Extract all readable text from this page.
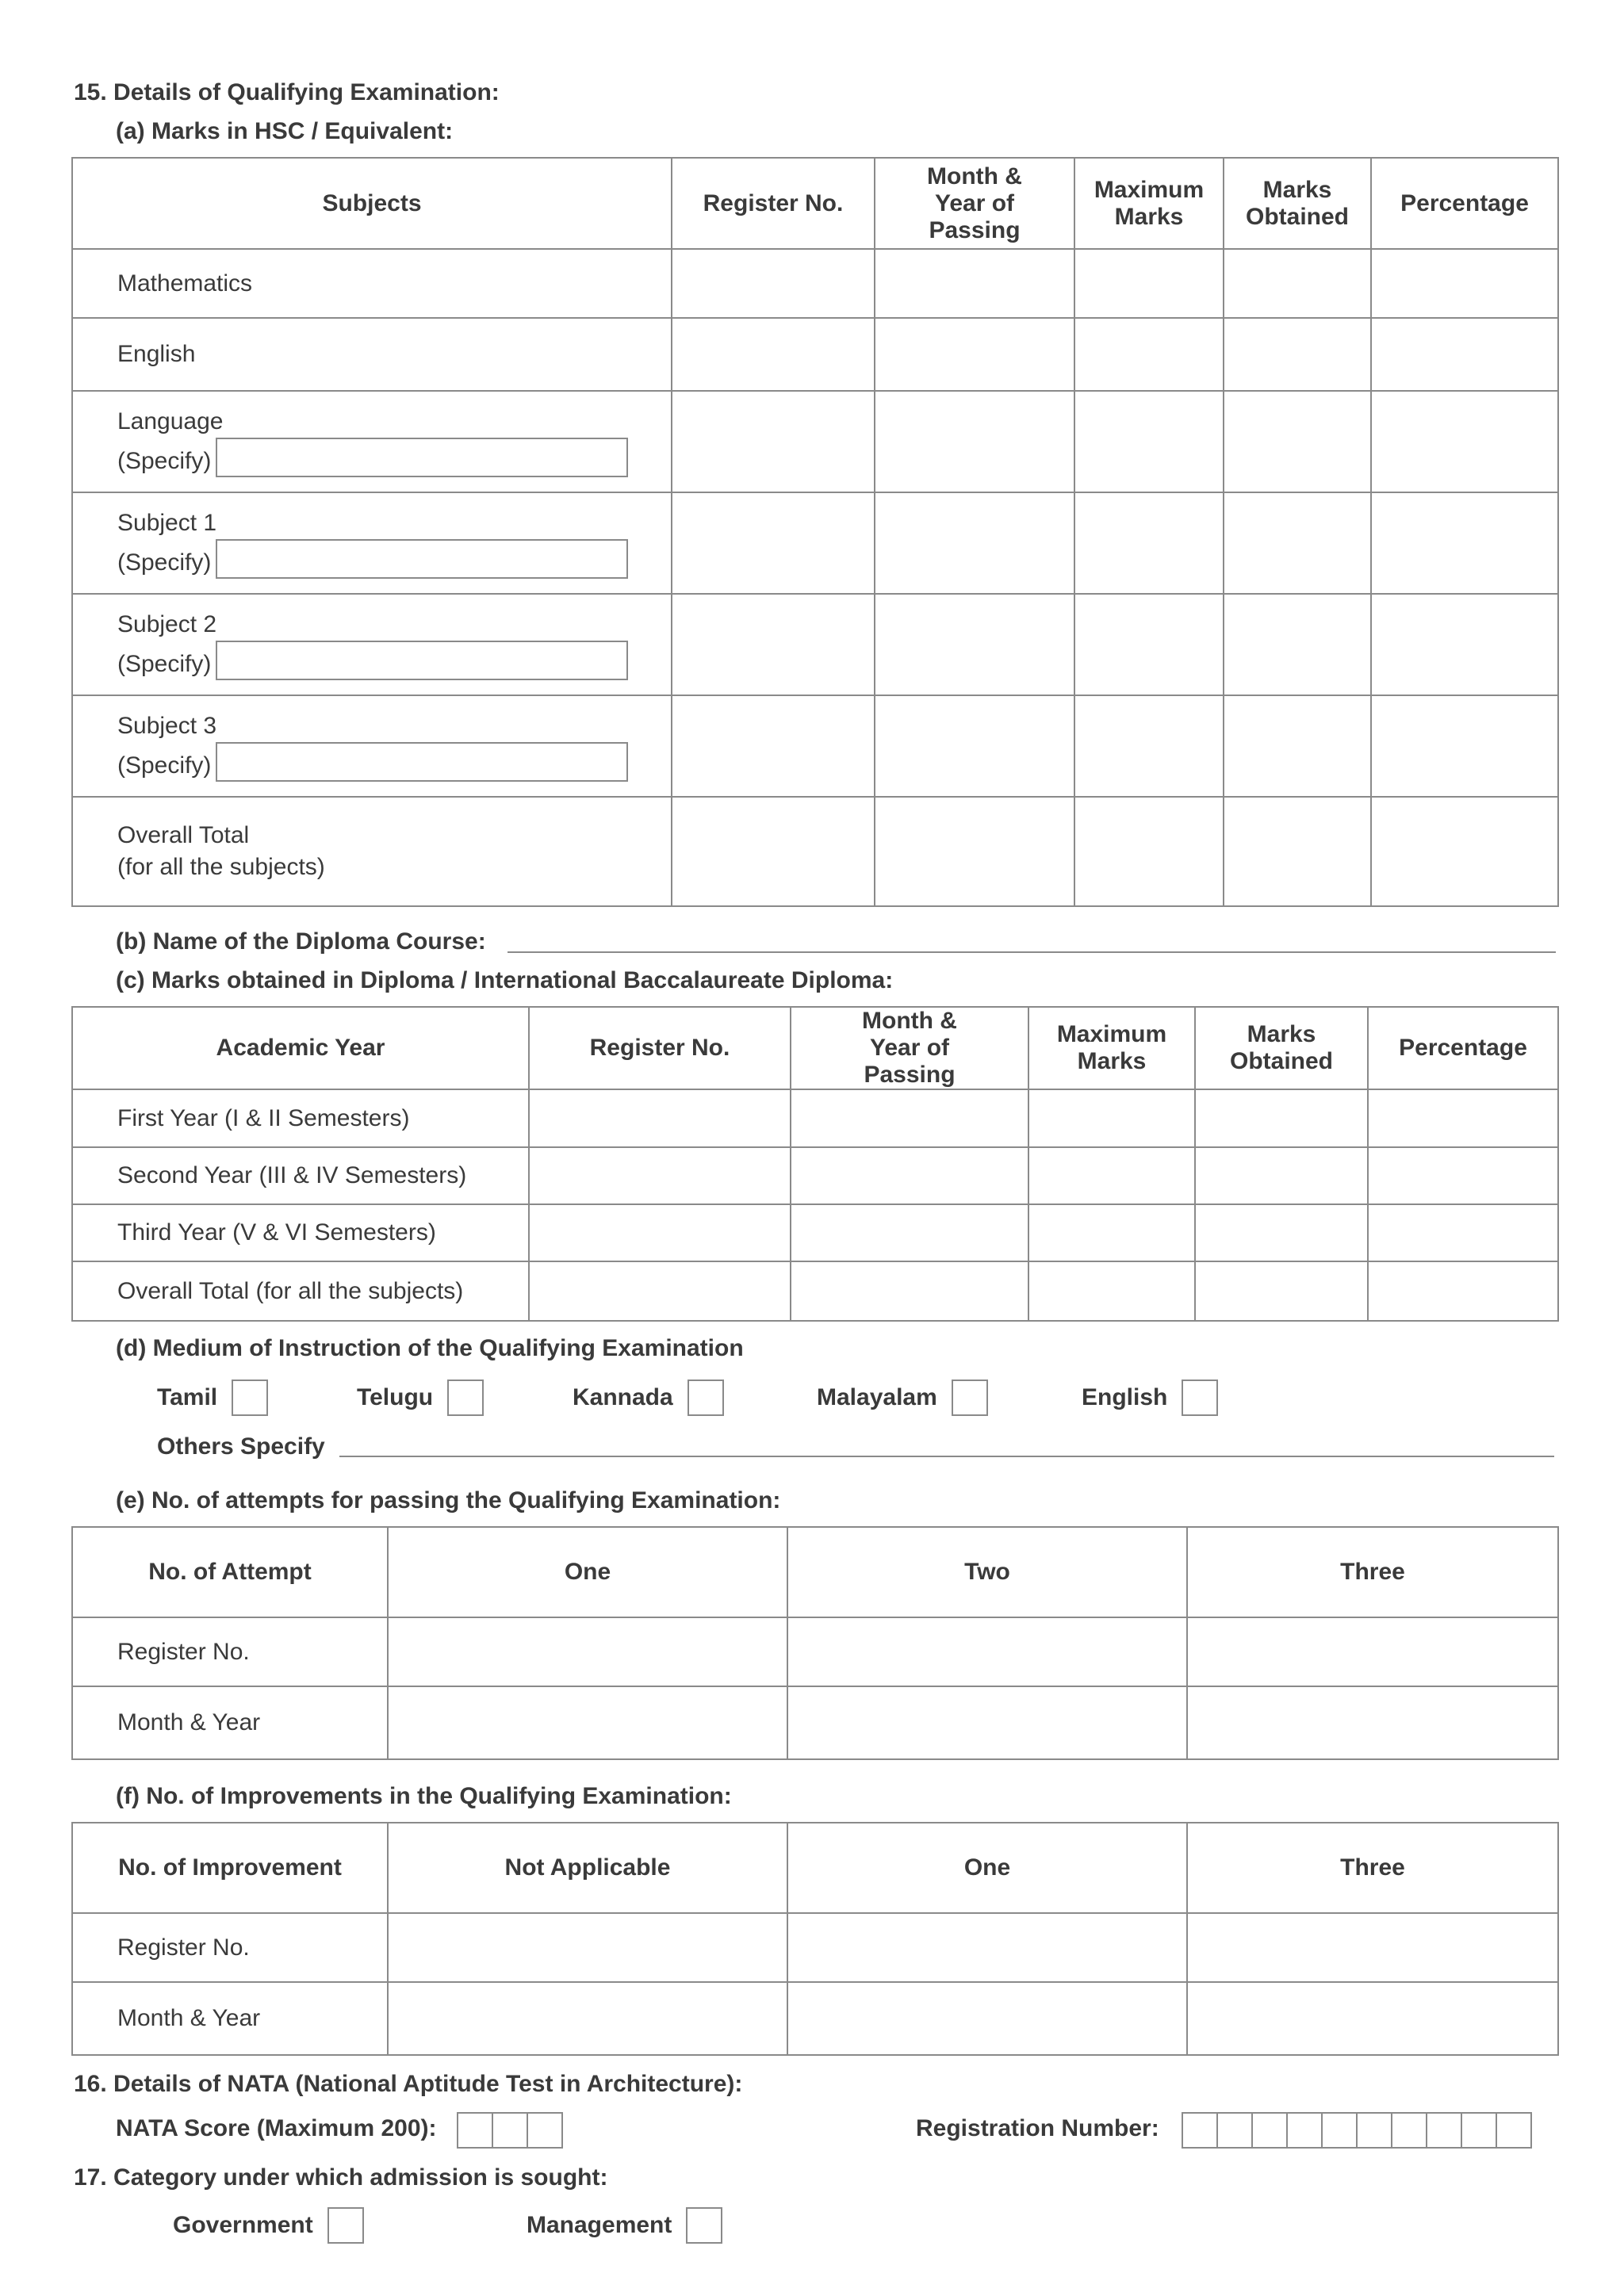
15. Details of Qualifying Examination:
(a) Marks in HSC / Equivalent:
Subjects	Register No.	Month & Year of Passing	Maximum Marks	Marks Obtained	Percentage
Mathematics					
English					

Language
(Specify)					

Subject 1
(Specify)					

Subject 2
(Specify)					

Subject 3
(Specify)					

Overall Total
(for all the subjects)					

(b) Name of the Diploma Course:
(c) Marks obtained in Diploma / International Baccalaureate Diploma:
Academic Year	Register No.	Month & Year of Passing	Maximum Marks	Marks Obtained	Percentage
First Year (I & II Semesters)					
Second Year (III & IV Semesters)					
Third Year (V & VI Semesters)					
Overall Total (for all the subjects)					
(d) Medium of Instruction of the Qualifying Examination
Tamil	Telugu	Kannada	Malayalam	English
Others Specify
(e) No. of attempts for passing the Qualifying Examination:
No. of Attempt	One	Two	Three
Register No.			
Month & Year			
(f) No. of Improvements in the Qualifying Examination:
No. of Improvement	Not Applicable	One	Three
Register No.			
Month & Year			
16. Details of NATA (National Aptitude Test in Architecture):
NATA Score (Maximum 200):	Registration Number:
17. Category under which admission is sought:
Government	Management
